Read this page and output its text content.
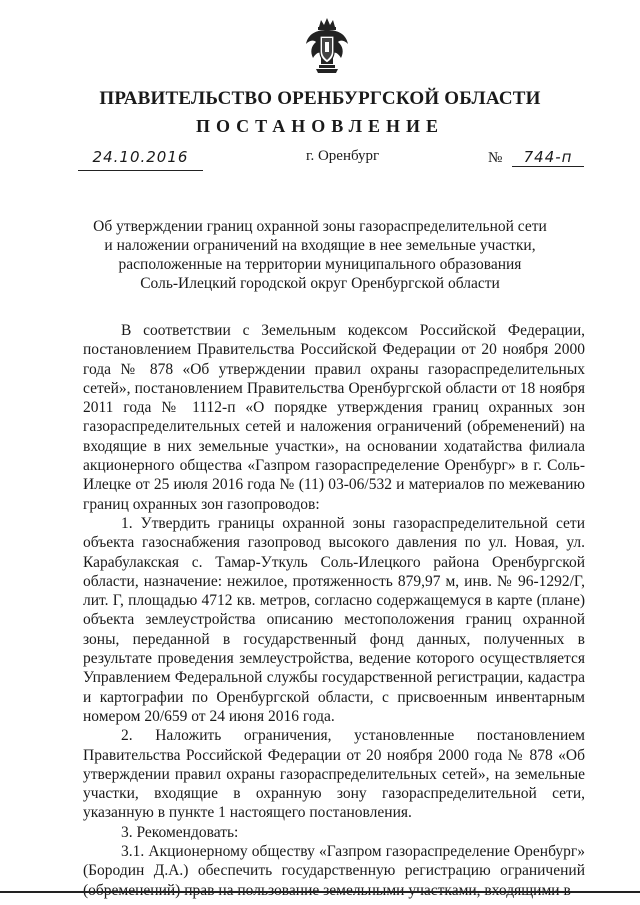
ПРАВИТЕЛЬСТВО ОРЕНБУРГСКОЙ ОБЛАСТИ
ПОСТАНОВЛЕНИЕ
24.10.2016	г. Оренбург	№ 744-п
Об утверждении границ охранной зоны газораспределительной сети
и наложении ограничений на входящие в нее земельные участки,
расположенные на территории муниципального образования
Соль-Илецкий городской округ Оренбургской области

В соответствии с Земельным кодексом Российской Федерации, постановлением Правительства Российской Федерации от 20 ноября 2000 года № 878 «Об утверждении правил охраны газораспределительных сетей», постановлением Правительства Оренбургской области от 18 ноября 2011 года № 1112-п «О порядке утверждения границ охранных зон газораспределительных сетей и наложения ограничений (обременений) на входящие в них земельные участки», на основании ходатайства филиала акционерного общества «Газпром газораспределение Оренбург» в г. Соль-Илецке от 25 июля 2016 года № (11) 03-06/532 и материалов по межеванию границ охранных зон газопроводов:

1. Утвердить границы охранной зоны газораспределительной сети объекта газоснабжения газопровод высокого давления по ул. Новая, ул. Карабулакская с. Тамар-Уткуль Соль-Илецкого района Оренбургской области, назначение: нежилое, протяженность 879,97 м, инв. № 96-1292/Г, лит. Г, площадью 4712 кв. метров, согласно содержащемуся в карте (плане) объекта землеустройства описанию местоположения границ охранной зоны, переданной в государственный фонд данных, полученных в результате проведения землеустройства, ведение которого осуществляется Управлением Федеральной службы государственной регистрации, кадастра и картографии по Оренбургской области, с присвоенным инвентарным номером 20/659 от 24 июня 2016 года.

2. Наложить ограничения, установленные постановлением Правительства Российской Федерации от 20 ноября 2000 года № 878 «Об утверждении правил охраны газораспределительных сетей», на земельные участки, входящие в охранную зону газораспределительной сети, указанную в пункте 1 настоящего постановления.

3. Рекомендовать:

3.1. Акционерному обществу «Газпром газораспределение Оренбург» (Бородин Д.А.) обеспечить государственную регистрацию ограничений
